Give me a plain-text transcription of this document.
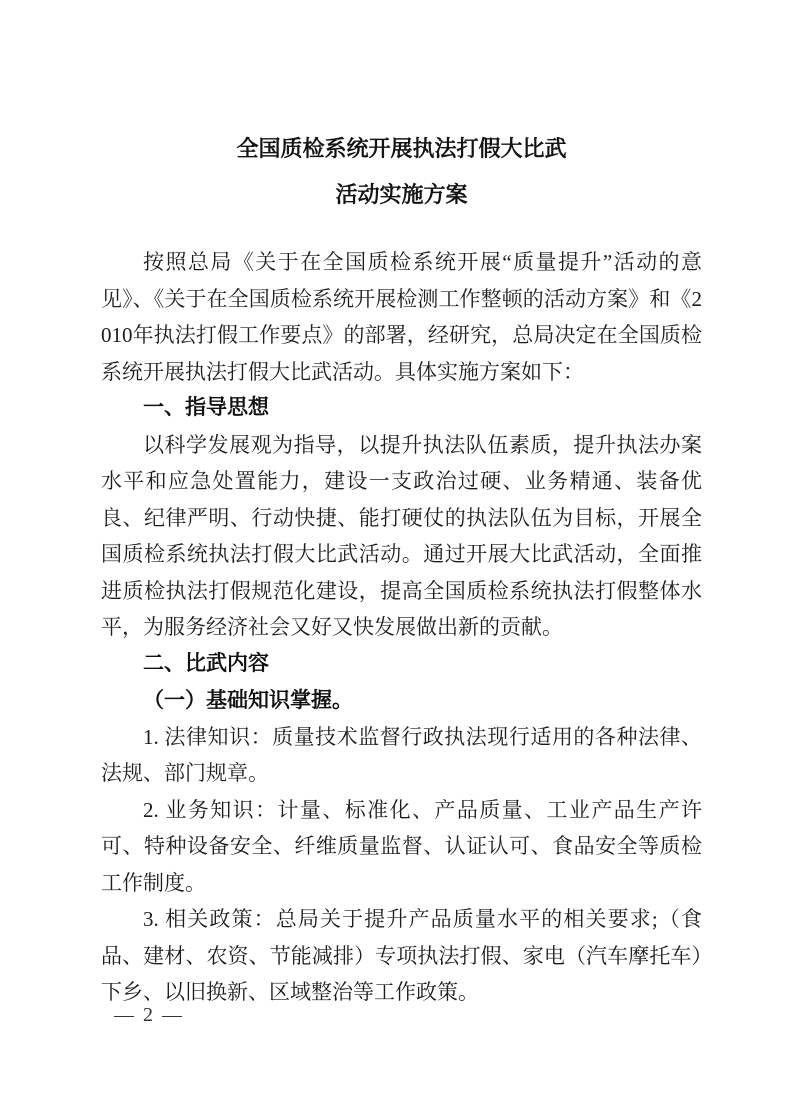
全国质检系统开展执法打假大比武
活动实施方案

按照总局《关于在全国质检系统开展“质量提升”活动的意见》、《关于在全国质检系统开展检测工作整顿的活动方案》和《2010年执法打假工作要点》的部署，经研究，总局决定在全国质检系统开展执法打假大比武活动。具体实施方案如下：

一、指导思想

以科学发展观为指导，以提升执法队伍素质，提升执法办案水平和应急处置能力，建设一支政治过硬、业务精通、装备优良、纪律严明、行动快捷、能打硬仗的执法队伍为目标，开展全国质检系统执法打假大比武活动。通过开展大比武活动，全面推进质检执法打假规范化建设，提高全国质检系统执法打假整体水平，为服务经济社会又好又快发展做出新的贡献。

二、比武内容

（一）基础知识掌握。

1. 法律知识：质量技术监督行政执法现行适用的各种法律、法规、部门规章。

2. 业务知识：计量、标准化、产品质量、工业产品生产许可、特种设备安全、纤维质量监督、认证认可、食品安全等质检工作制度。

3. 相关政策：总局关于提升产品质量水平的相关要求;（食品、建材、农资、节能减排）专项执法打假、家电（汽车摩托车）下乡、以旧换新、区域整治等工作政策。

— 2 —
